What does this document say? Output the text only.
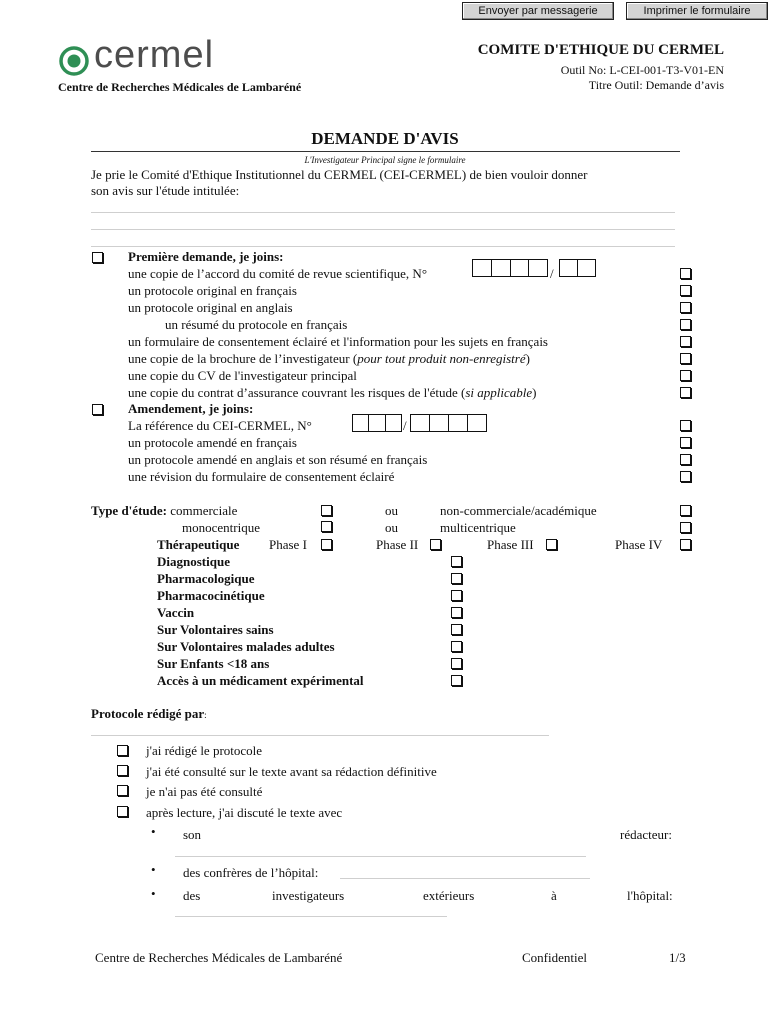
Envoyer par messagerie	Imprimer le formulaire
cermel
Centre de Recherches Médicales de Lambaréné
COMITE D'ETHIQUE DU CERMEL
Outil No: L-CEI-001-T3-V01-EN
Titre Outil: Demande d’avis
DEMANDE D'AVIS
L'Investigateur Principal signe le formulaire
Je prie le Comité d'Ethique Institutionnel du CERMEL (CEI-CERMEL) de bien vouloir donner
son avis sur l'étude intitulée:
Première demande, je joins:
une copie de l’accord du comité de revue scientifique, N°	/
un protocole original en français
un protocole original en anglais
un résumé du protocole en français
un formulaire de consentement éclairé et l'information pour les sujets en français
une copie de la brochure de l’investigateur (pour tout produit non-enregistré)
une copie du CV de l'investigateur principal
une copie du contrat d’assurance couvrant les risques de l'étude (si applicable)
Amendement, je joins:
La référence du CEI-CERMEL, N°	/
un protocole amendé en français
un protocole amendé en anglais et son résumé en français
une révision du formulaire de consentement éclairé
Type d'étude: commerciale	ou	non-commerciale/académique
monocentrique	ou	multicentrique
Thérapeutique Phase I	Phase II	Phase III	Phase IV
Diagnostique
Pharmacologique
Pharmacocinétique
Vaccin
Sur Volontaires sains
Sur Volontaires malades adultes
Sur Enfants <18 ans
Accès à un médicament expérimental
Protocole rédigé par:
j'ai rédigé le protocole
j'ai été consulté sur le texte avant sa rédaction définitive
je n'ai pas été consulté
après lecture, j'ai discuté le texte avec
• son	rédacteur:
• des confrères de l’hôpital:
• des	investigateurs	extérieurs	à	l'hôpital:
Centre de Recherches Médicales de Lambaréné	Confidentiel	1/3
